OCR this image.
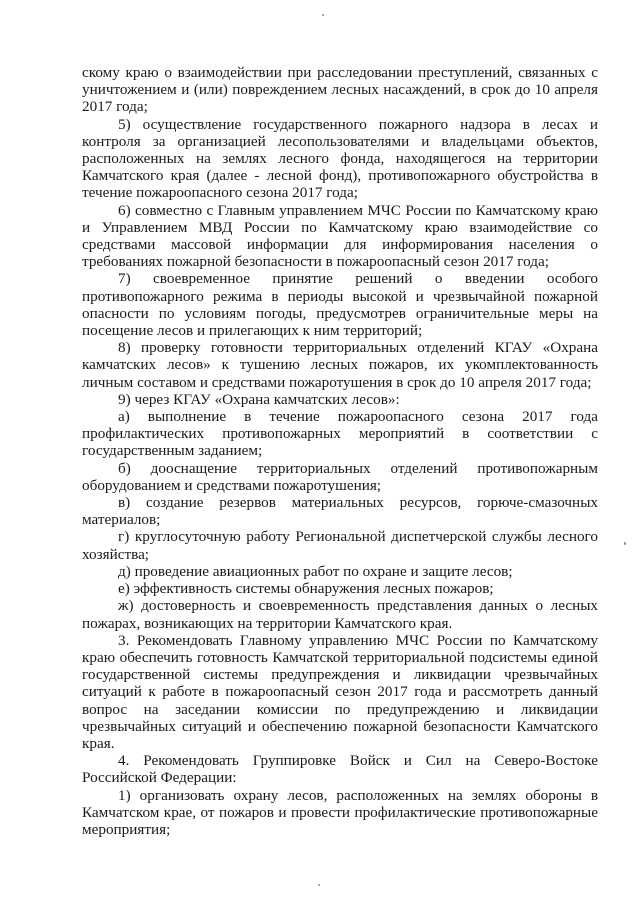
скому краю о взаимодействии при расследовании преступлений, связанных с уничтожением и (или) повреждением лесных насаждений, в срок до 10 апреля 2017 года;

5) осуществление государственного пожарного надзора в лесах и контроля за организацией лесопользователями и владельцами объектов, расположенных на землях лесного фонда, находящегося на территории Камчатского края (далее - лесной фонд), противопожарного обустройства в течение пожароопасного сезона 2017 года;

6) совместно с Главным управлением МЧС России по Камчатскому краю и Управлением МВД России по Камчатскому краю взаимодействие со средствами массовой информации для информирования населения о требованиях пожарной безопасности в пожароопасный сезон 2017 года;

7) своевременное принятие решений о введении особого противопожарного режима в периоды высокой и чрезвычайной пожарной опасности по условиям погоды, предусмотрев ограничительные меры на посещение лесов и прилегающих к ним территорий;

8) проверку готовности территориальных отделений КГАУ «Охрана камчатских лесов» к тушению лесных пожаров, их укомплектованность личным составом и средствами пожаротушения в срок до 10 апреля 2017 года;

9) через КГАУ «Охрана камчатских лесов»:

а) выполнение в течение пожароопасного сезона 2017 года профилактических противопожарных мероприятий в соответствии с государственным заданием;

б) дооснащение территориальных отделений противопожарным оборудованием и средствами пожаротушения;

в) создание резервов материальных ресурсов, горюче-смазочных материалов;

г) круглосуточную работу Региональной диспетчерской службы лесного хозяйства;

д) проведение авиационных работ по охране и защите лесов;

е) эффективность системы обнаружения лесных пожаров;

ж) достоверность и своевременность представления данных о лесных пожарах, возникающих на территории Камчатского края.

3. Рекомендовать Главному управлению МЧС России по Камчатскому краю обеспечить готовность Камчатской территориальной подсистемы единой государственной системы предупреждения и ликвидации чрезвычайных ситуаций к работе в пожароопасный сезон 2017 года и рассмотреть данный вопрос на заседании комиссии по предупреждению и ликвидации чрезвычайных ситуаций и обеспечению пожарной безопасности Камчатского края.

4. Рекомендовать Группировке Войск и Сил на Северо-Востоке Российской Федерации:

1) организовать охрану лесов, расположенных на землях обороны в Камчатском крае, от пожаров и провести профилактические противопожарные мероприятия;
